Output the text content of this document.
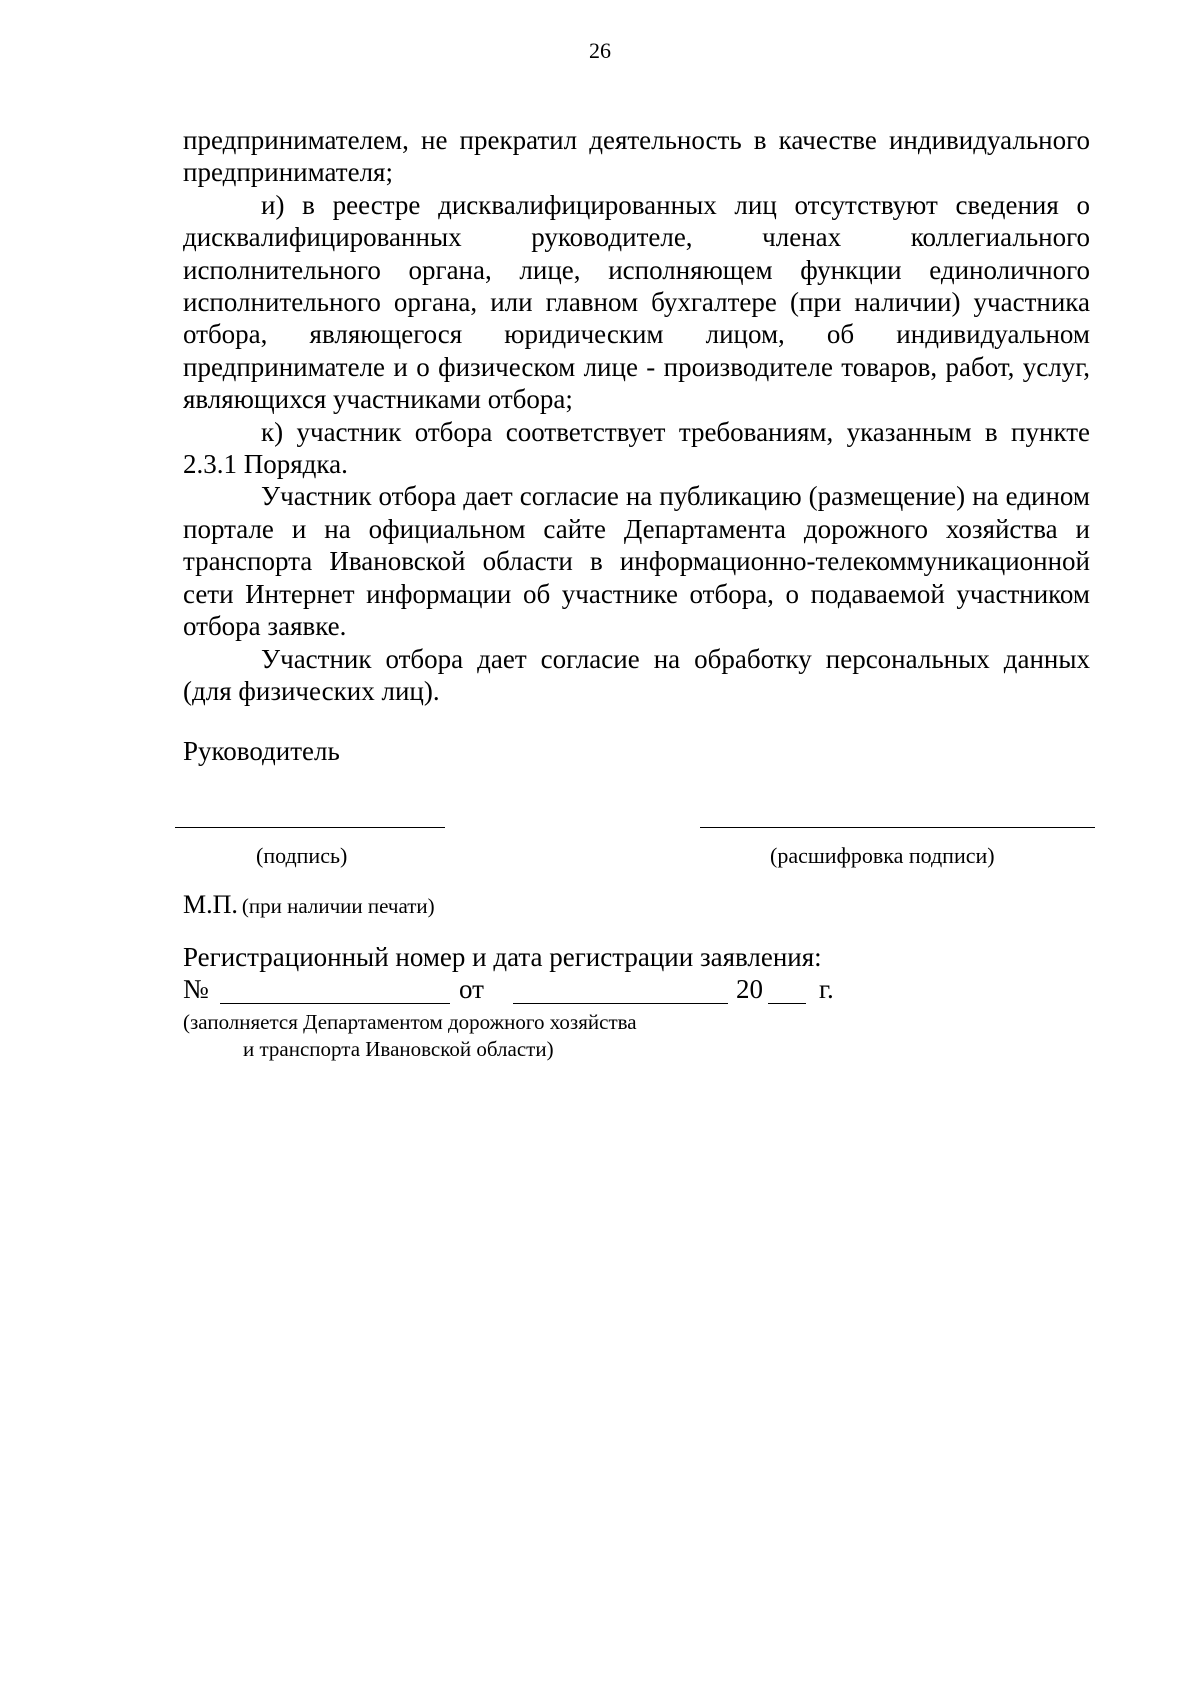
26

предпринимателем, не прекратил деятельность в качестве индивидуального предпринимателя;

и) в реестре дисквалифицированных лиц отсутствуют сведения о дисквалифицированных руководителе, членах коллегиального исполнительного органа, лице, исполняющем функции единоличного исполнительного органа, или главном бухгалтере (при наличии) участника отбора, являющегося юридическим лицом, об индивидуальном предпринимателе и о физическом лице - производителе товаров, работ, услуг, являющихся участниками отбора;

к) участник отбора соответствует требованиям, указанным в пункте 2.3.1 Порядка.

Участник отбора дает согласие на публикацию (размещение) на едином портале и на официальном сайте Департамента дорожного хозяйства и транспорта Ивановской области в информационно-телекоммуникационной сети Интернет информации об участнике отбора, о подаваемой участником отбора заявке.

Участник отбора дает согласие на обработку персональных данных (для физических лиц).

Руководитель
(подпись)	(расшифровка подписи)
М.П. (при наличии печати)
Регистрационный номер и дата регистрации заявления:
№	от	20 г.
(заполняется Департаментом дорожного хозяйства
и транспорта Ивановской области)
